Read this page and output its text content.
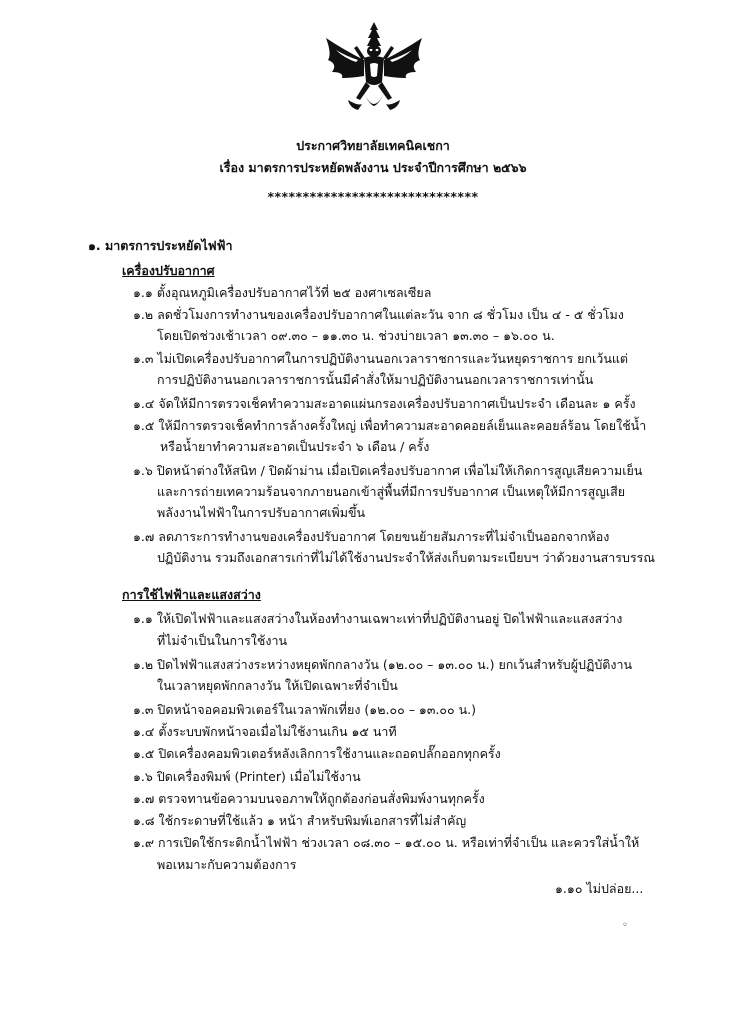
ประกาศวิทยาลัยเทคนิคเชกา
เรื่อง มาตรการประหยัดพลังงาน ประจำปีการศึกษา ๒๕๖๖
******************************
๑. มาตรการประหยัดไฟฟ้า
เครื่องปรับอากาศ
๑.๑ ตั้งอุณหภูมิเครื่องปรับอากาศไว้ที่ ๒๕ องศาเซลเซียล
๑.๒ ลดชั่วโมงการทำงานของเครื่องปรับอากาศในแต่ละวัน จาก ๘ ชั่วโมง เป็น ๔ - ๕ ชั่วโมง
โดยเปิดช่วงเช้าเวลา ๐๙.๓๐ – ๑๑.๓๐ น. ช่วงบ่ายเวลา ๑๓.๓๐ – ๑๖.๐๐ น.
๑.๓ ไม่เปิดเครื่องปรับอากาศในการปฏิบัติงานนอกเวลาราชการและวันหยุดราชการ ยกเว้นแต่
การปฏิบัติงานนอกเวลาราชการนั้นมีคำสั่งให้มาปฏิบัติงานนอกเวลาราชการเท่านั้น
๑.๔ จัดให้มีการตรวจเช็คทำความสะอาดแผ่นกรองเครื่องปรับอากาศเป็นประจำ เดือนละ ๑ ครั้ง
๑.๕ ให้มีการตรวจเช็คทำการล้างครั้งใหญ่ เพื่อทำความสะอาดคอยล์เย็นและคอยล์ร้อน โดยใช้น้ำ
หรือน้ำยาทำความสะอาดเป็นประจำ ๖ เดือน / ครั้ง
๑.๖ ปิดหน้าต่างให้สนิท / ปิดผ้าม่าน เมื่อเปิดเครื่องปรับอากาศ เพื่อไม่ให้เกิดการสูญเสียความเย็น
และการถ่ายเทความร้อนจากภายนอกเข้าสู่พื้นที่มีการปรับอากาศ เป็นเหตุให้มีการสูญเสีย
พลังงานไฟฟ้าในการปรับอากาศเพิ่มขึ้น
๑.๗ ลดภาระการทำงานของเครื่องปรับอากาศ โดยขนย้ายสัมภาระที่ไม่จำเป็นออกจากห้อง
ปฏิบัติงาน รวมถึงเอกสารเก่าที่ไม่ได้ใช้งานประจำให้ส่งเก็บตามระเบียบฯ ว่าด้วยงานสารบรรณ
การใช้ไฟฟ้าและแสงสว่าง
๑.๑ ให้เปิดไฟฟ้าและแสงสว่างในห้องทำงานเฉพาะเท่าที่ปฏิบัติงานอยู่ ปิดไฟฟ้าและแสงสว่าง
ที่ไม่จำเป็นในการใช้งาน
๑.๒ ปิดไฟฟ้าแสงสว่างระหว่างหยุดพักกลางวัน (๑๒.๐๐ – ๑๓.๐๐ น.) ยกเว้นสำหรับผู้ปฏิบัติงาน
ในเวลาหยุดพักกลางวัน ให้เปิดเฉพาะที่จำเป็น
๑.๓ ปิดหน้าจอคอมพิวเตอร์ในเวลาพักเที่ยง (๑๒.๐๐ – ๑๓.๐๐ น.)
๑.๔ ตั้งระบบพักหน้าจอเมื่อไม่ใช้งานเกิน ๑๕ นาที
๑.๕ ปิดเครื่องคอมพิวเตอร์หลังเลิกการใช้งานและถอดปลั๊กออกทุกครั้ง
๑.๖ ปิดเครื่องพิมพ์ (Printer) เมื่อไม่ใช้งาน
๑.๗ ตรวจทานข้อความบนจอภาพให้ถูกต้องก่อนสั่งพิมพ์งานทุกครั้ง
๑.๘ ใช้กระดาษที่ใช้แล้ว ๑ หน้า สำหรับพิมพ์เอกสารที่ไม่สำคัญ
๑.๙ การเปิดใช้กระติกน้ำไฟฟ้า ช่วงเวลา ๐๘.๓๐ – ๑๕.๐๐ น. หรือเท่าที่จำเป็น และควรใส่น้ำให้
พอเหมาะกับความต้องการ
๑.๑๐ ไม่ปล่อย...
◦
